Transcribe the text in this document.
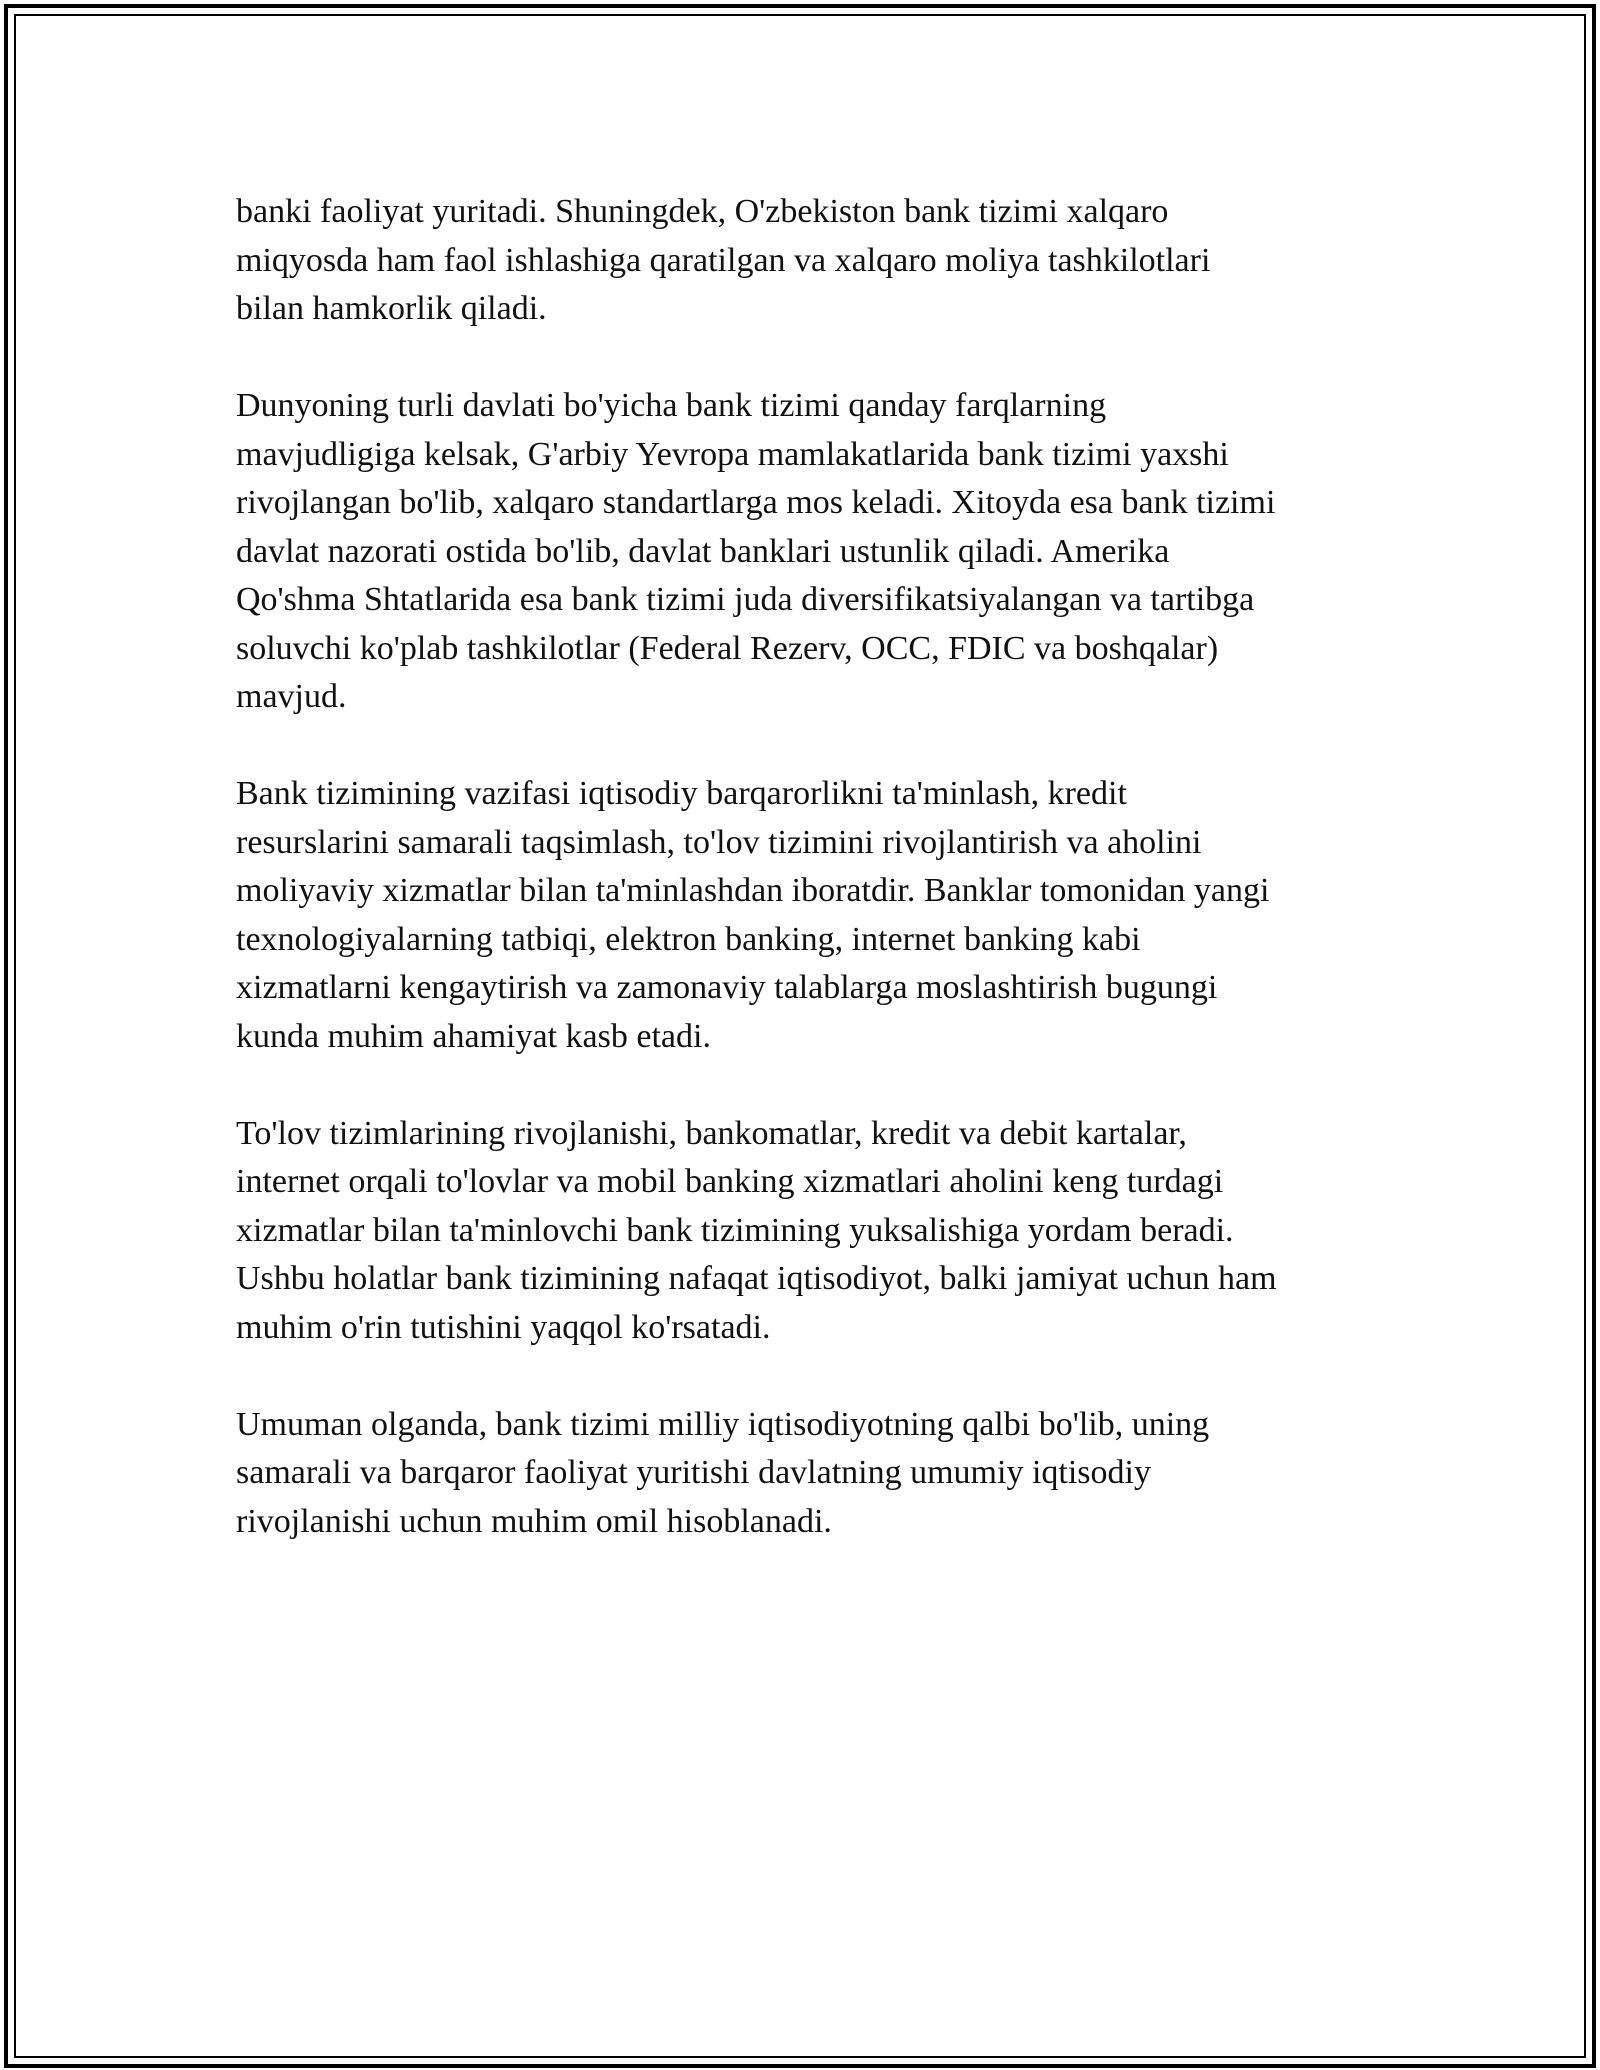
banki faoliyat yuritadi. Shuningdek, O'zbekiston bank tizimi xalqaro
miqyosda ham faol ishlashiga qaratilgan va xalqaro moliya tashkilotlari
bilan hamkorlik qiladi.

Dunyoning turli davlati bo'yicha bank tizimi qanday farqlarning
mavjudligiga kelsak, G'arbiy Yevropa mamlakatlarida bank tizimi yaxshi
rivojlangan bo'lib, xalqaro standartlarga mos keladi. Xitoyda esa bank tizimi
davlat nazorati ostida bo'lib, davlat banklari ustunlik qiladi. Amerika
Qo'shma Shtatlarida esa bank tizimi juda diversifikatsiyalangan va tartibga
soluvchi ko'plab tashkilotlar (Federal Rezerv, OCC, FDIC va boshqalar)
mavjud.

Bank tizimining vazifasi iqtisodiy barqarorlikni ta'minlash, kredit
resurslarini samarali taqsimlash, to'lov tizimini rivojlantirish va aholini
moliyaviy xizmatlar bilan ta'minlashdan iboratdir. Banklar tomonidan yangi
texnologiyalarning tatbiqi, elektron banking, internet banking kabi
xizmatlarni kengaytirish va zamonaviy talablarga moslashtirish bugungi
kunda muhim ahamiyat kasb etadi.

To'lov tizimlarining rivojlanishi, bankomatlar, kredit va debit kartalar,
internet orqali to'lovlar va mobil banking xizmatlari aholini keng turdagi
xizmatlar bilan ta'minlovchi bank tizimining yuksalishiga yordam beradi.
Ushbu holatlar bank tizimining nafaqat iqtisodiyot, balki jamiyat uchun ham
muhim o'rin tutishini yaqqol ko'rsatadi.

Umuman olganda, bank tizimi milliy iqtisodiyotning qalbi bo'lib, uning
samarali va barqaror faoliyat yuritishi davlatning umumiy iqtisodiy
rivojlanishi uchun muhim omil hisoblanadi.
